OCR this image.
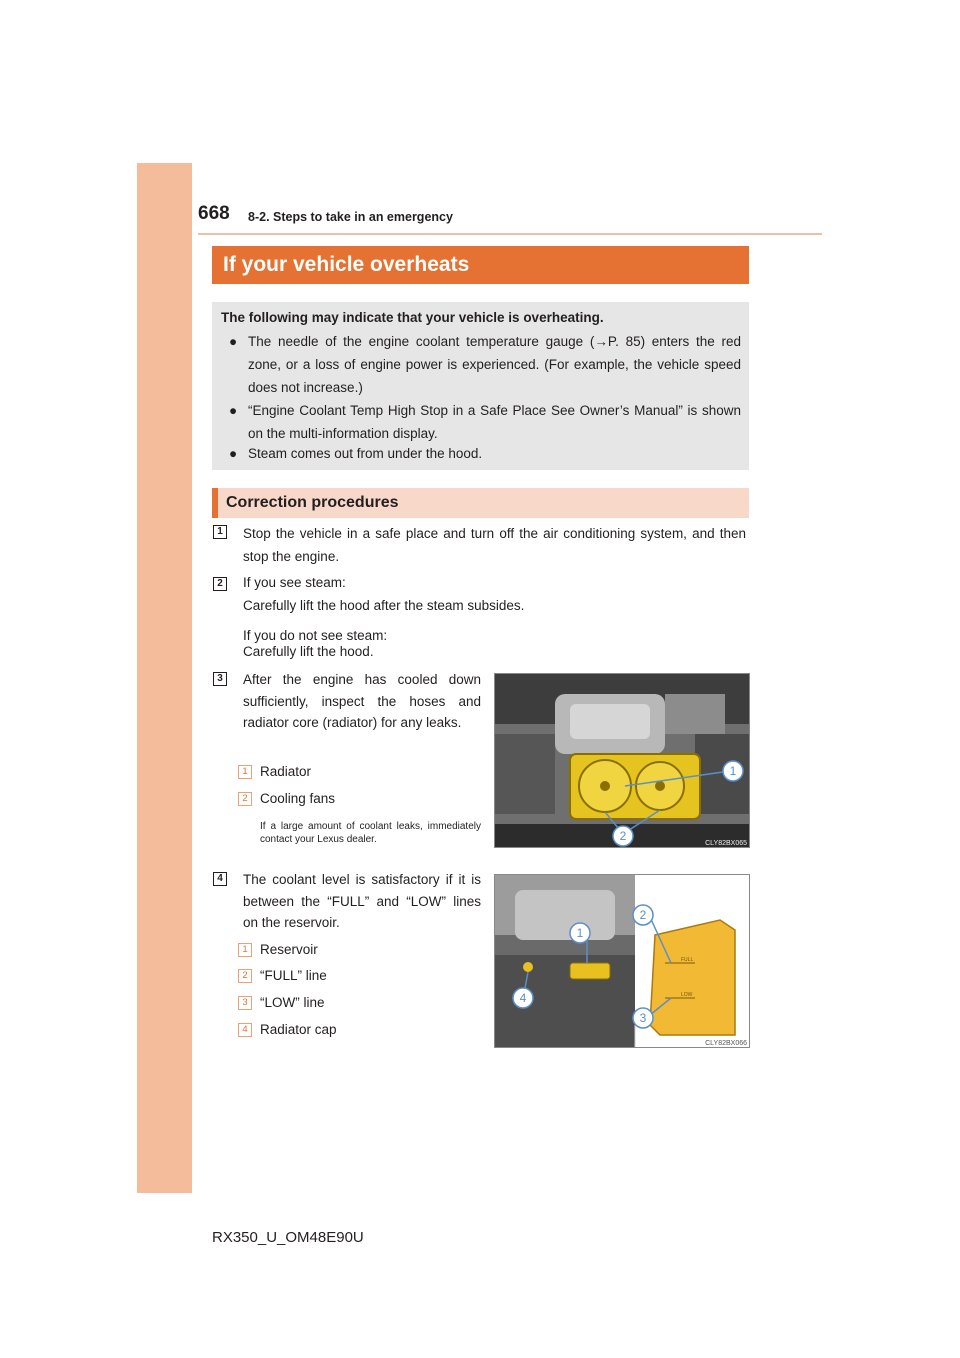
668 8-2. Steps to take in an emergency
If your vehicle overheats
The following may indicate that your vehicle is overheating.
● The needle of the engine coolant temperature gauge (→P. 85) enters the red zone, or a loss of engine power is experienced. (For example, the vehicle speed does not increase.)
● “Engine Coolant Temp High Stop in a Safe Place See Owner’s Manual” is shown on the multi-information display.
● Steam comes out from under the hood.
Correction procedures
1	Stop the vehicle in a safe place and turn off the air conditioning system, and then stop the engine.
2	If you see steam:
Carefully lift the hood after the steam subsides.
If you do not see steam:
Carefully lift the hood.
3	After the engine has cooled down sufficiently, inspect the hoses and radiator core (radiator) for any leaks.
1 Radiator
2 Cooling fans
If a large amount of coolant leaks, immediately contact your Lexus dealer.
1
2
CLY82BX065
4	The coolant level is satisfactory if it is between the “FULL” and “LOW” lines on the reservoir.
1 Reservoir
2 “FULL” line
3 “LOW” line
4 Radiator cap
FULL
LOW
1
2
3
4
CLY82BX066
RX350_U_OM48E90U
